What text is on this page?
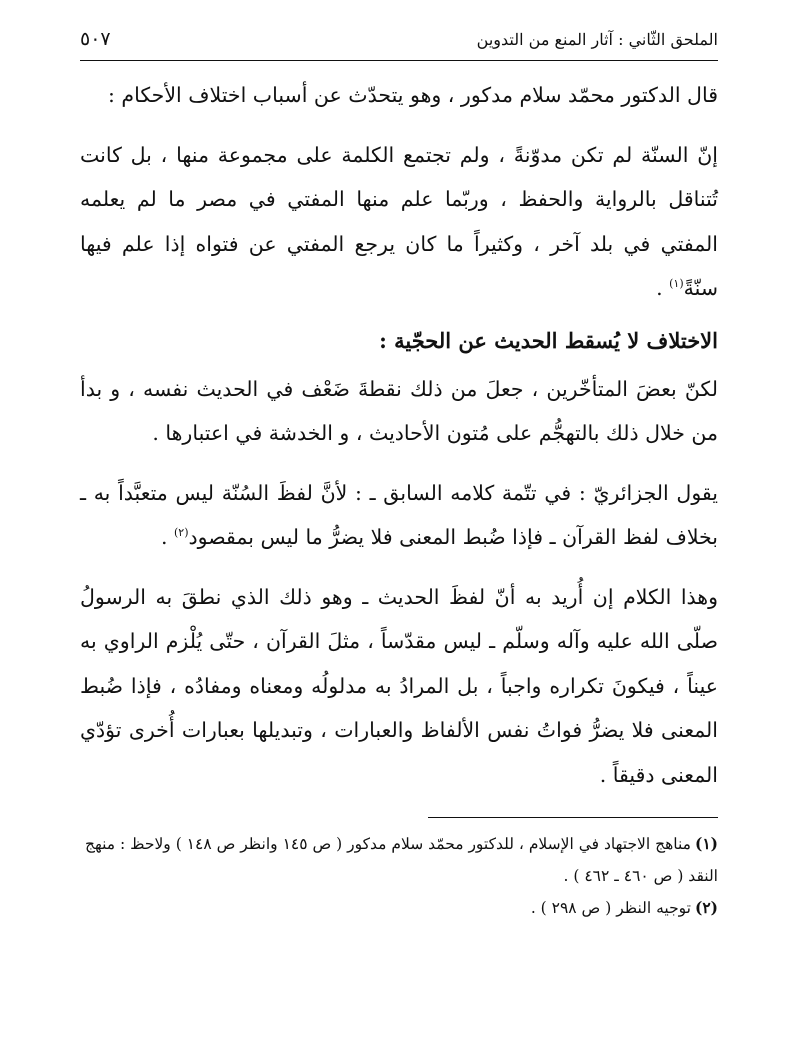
الملحق الثّاني : آثار المنع من التدوين
٥٠٧

قال الدكتور محمّد سلام مدكور ، وهو يتحدّث عن أسباب اختلاف الأحكام :

إنّ السنّة لم تكن مدوّنةً ، ولم تجتمع الكلمة على مجموعة منها ، بل كانت تُتناقل بالرواية والحفظ ، وربّما علم منها المفتي في مصر ما لم يعلمه المفتي في بلد آخر ، وكثيراً ما كان يرجع المفتي عن فتواه إذا علم فيها سنّةً$^{(١)}$ .

الاختلاف لا يُسقط الحديث عن الحجّية :

لكنّ بعضَ المتأخّرين ، جعلَ من ذلك نقطةَ ضَعْف في الحديث نفسه ، و بدأ من خلال ذلك بالتهجُّم على مُتون الأحاديث ، و الخدشة في اعتبارها .

يقول الجزائريّ : في تتّمة كلامه السابق ـ : لأنَّ لفظَ السُنّة ليس متعبَّداً به ـ بخلاف لفظ القرآن ـ فإذا ضُبط المعنى فلا يضرُّ ما ليس بمقصود$^{(٢)}$ .

وهذا الكلام إن أُريد به أنّ لفظَ الحديث ـ وهو ذلك الذي نطقَ به الرسولُ صلّى الله عليه وآله وسلّم ـ ليس مقدّساً ، مثلَ القرآن ، حتّى يُلْزم الراوي به عيناً ، فيكونَ تكراره واجباً ، بل المرادُ به مدلولُه ومعناه ومفادُه ، فإذا ضُبط المعنى فلا يضرُّ فواتُ نفس الألفاظ والعبارات ، وتبديلها بعبارات أُخرى تؤدّي المعنى دقيقاً .

(١)مناهج الاجتهاد في الإسلام ، للدكتور محمّد سلام مدكور ( ص ١٤٥ وانظر ص ١٤٨ ) ولاحظ : منهج النقد ( ص ٤٦٠ ـ ٤٦٢ ) .

(٢)توجيه النظر ( ص ٢٩٨ ) .
